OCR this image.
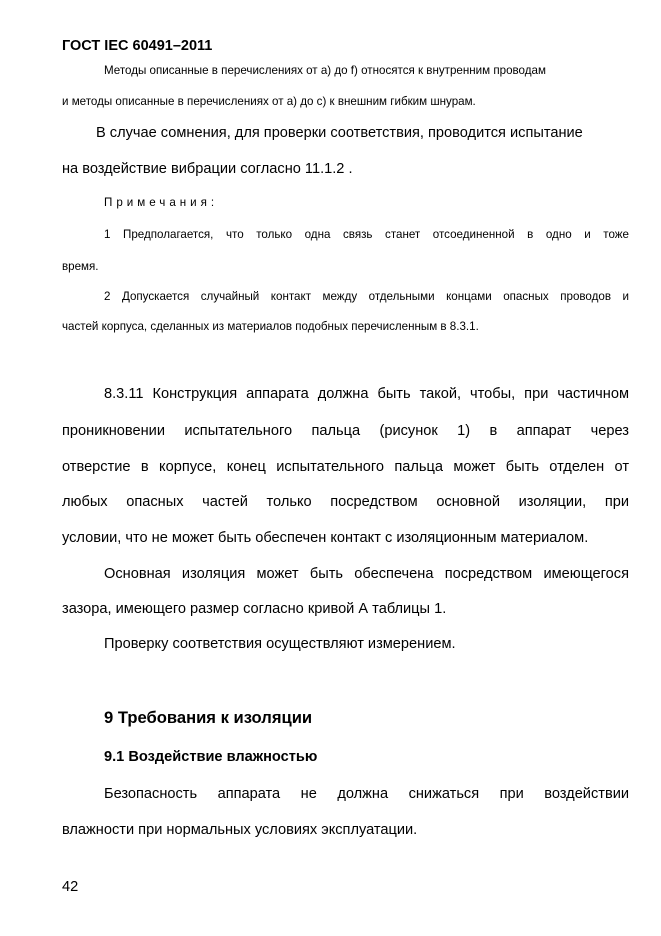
ГОСТ IEC 60491–2011
Методы описанные в перечислениях от а) до f) относятся к внутренним проводам
и методы описанные в перечислениях от а) до с) к внешним гибким шнурам.
В случае сомнения, для проверки соответствия, проводится испытание
на воздействие вибрации согласно 11.1.2 .
Примечания:
1 Предполагается, что только одна связь станет отсоединенной в одно и тоже
время.
2 Допускается случайный контакт между отдельными концами опасных проводов и
частей корпуса, сделанных из материалов подобных перечисленным в 8.3.1.
8.3.11 Конструкция аппарата должна быть такой, чтобы, при частичном
проникновении испытательного пальца (рисунок 1) в аппарат через
отверстие в корпусе, конец испытательного пальца может быть отделен от
любых опасных частей только посредством основной изоляции, при
условии, что не может быть обеспечен контакт с изоляционным материалом.
Основная изоляция может быть обеспечена посредством имеющегося
зазора, имеющего размер согласно кривой А таблицы 1.
Проверку соответствия осуществляют измерением.
9 Требования к изоляции
9.1 Воздействие влажностью
Безопасность аппарата не должна снижаться при воздействии
влажности при нормальных условиях эксплуатации.
42
